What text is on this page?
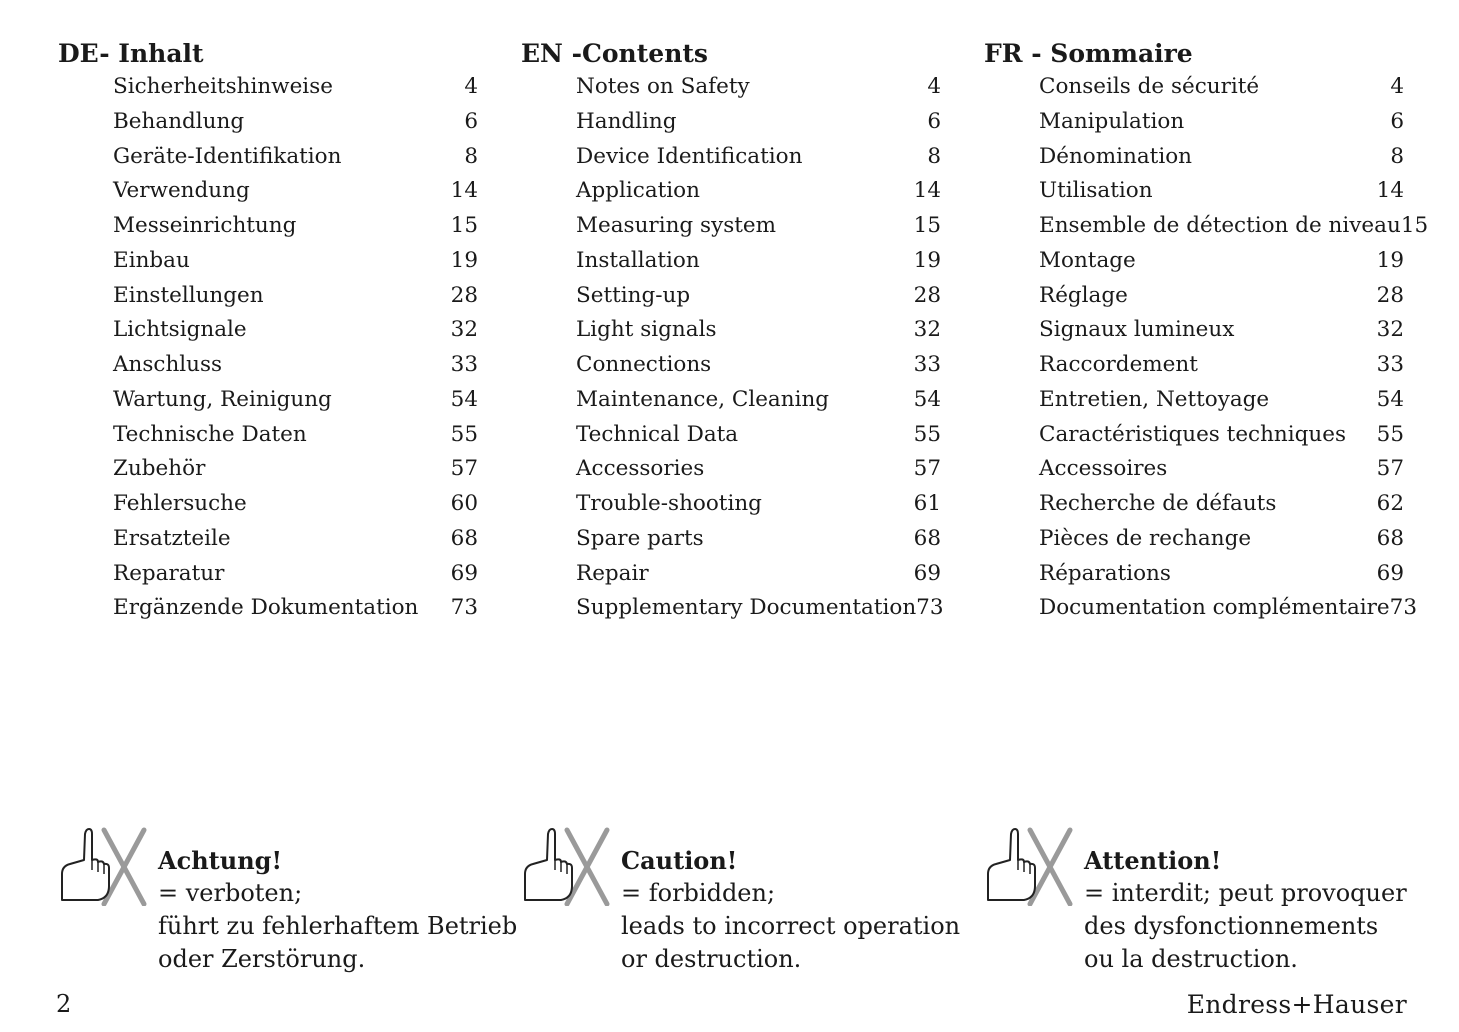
DE- Inhalt
Sicherheitshinweise	4
Behandlung	6
Geräte-Identifikation	8
Verwendung	14
Messeinrichtung	15
Einbau	19
Einstellungen	28
Lichtsignale	32
Anschluss	33
Wartung, Reinigung	54
Technische Daten	55
Zubehör	57
Fehlersuche	60
Ersatzteile	68
Reparatur	69
Ergänzende Dokumentation 73
EN -Contents
Notes on Safety	4
Handling	6
Device Identification	8
Application	14
Measuring system	15
Installation	19
Setting-up	28
Light signals	32
Connections	33
Maintenance, Cleaning	54
Technical Data	55
Accessories	57
Trouble-shooting	61
Spare parts	68
Repair	69
Supplementary Documentation 73
FR - Sommaire
Conseils de sécurité	4
Manipulation	6
Dénomination	8
Utilisation	14
Ensemble de détection de niveau 15
Montage	19
Réglage	28
Signaux lumineux	32
Raccordement	33
Entretien, Nettoyage	54
Caractéristiques techniques 55
Accessoires	57
Recherche de défauts	62
Pièces de rechange	68
Réparations	69
Documentation complémentaire 73
Achtung!
= verboten;
führt zu fehlerhaftem Betrieb
oder Zerstörung.
Caution!
= forbidden;
leads to incorrect operation
or destruction.
Attention!
= interdit; peut provoquer
des dysfonctionnements
ou la destruction.
2	Endress+Hauser
